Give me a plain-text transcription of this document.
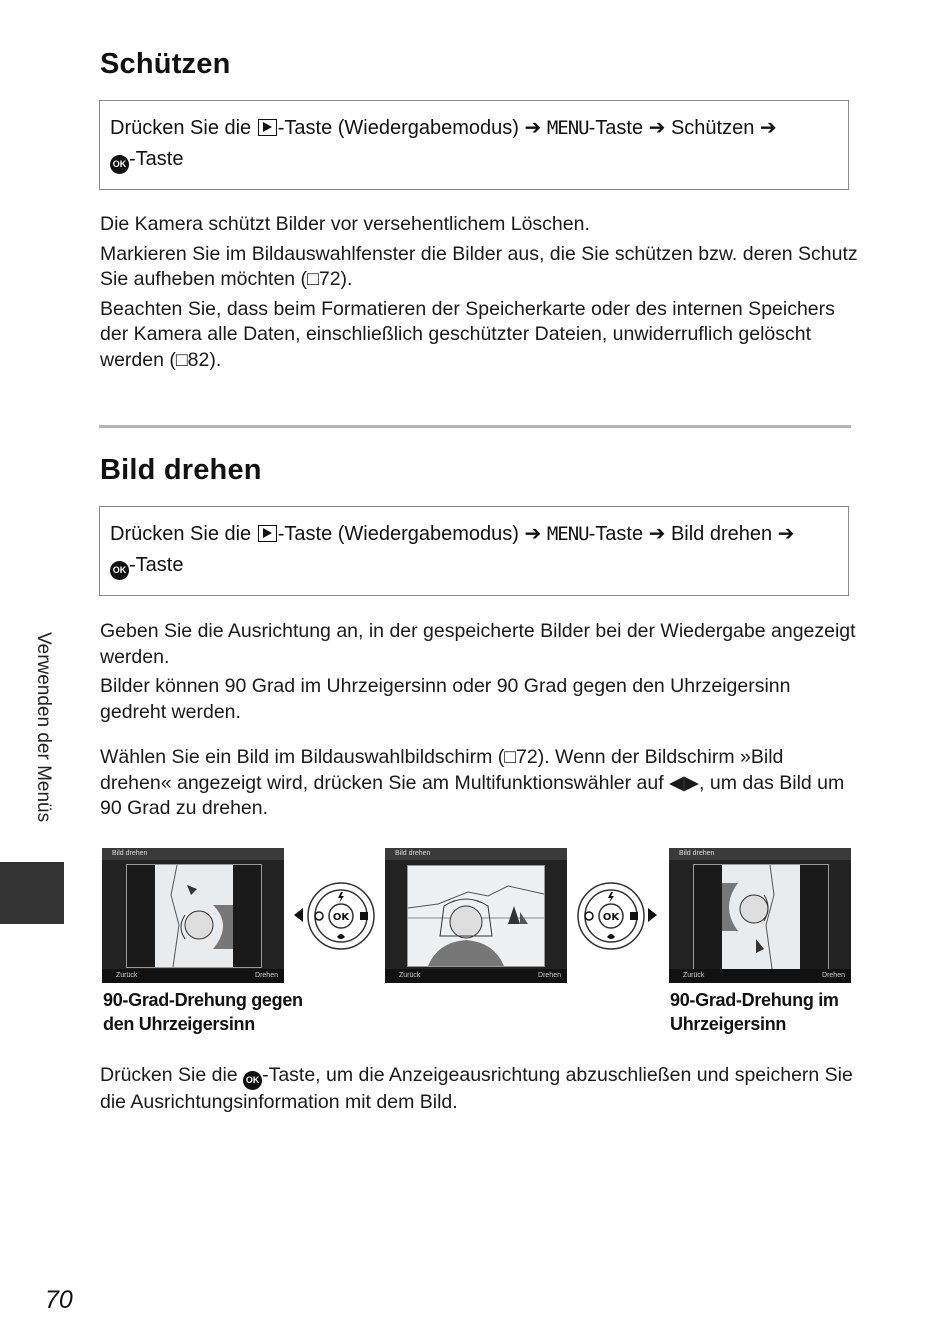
Schützen
Drücken Sie die -Taste (Wiedergabemodus) ➔ MENU-Taste ➔ Schützen ➔
OK -Taste
Die Kamera schützt Bilder vor versehentlichem Löschen.
Markieren Sie im Bildauswahlfenster die Bilder aus, die Sie schützen bzw. deren Schutz Sie aufheben möchten (□72).
Beachten Sie, dass beim Formatieren der Speicherkarte oder des internen Speichers der Kamera alle Daten, einschließlich geschützter Dateien, unwiderruflich gelöscht werden (□82).
Bild drehen
Drücken Sie die -Taste (Wiedergabemodus) ➔ MENU-Taste ➔ Bild drehen ➔
OK -Taste
Geben Sie die Ausrichtung an, in der gespeicherte Bilder bei der Wiedergabe angezeigt werden.
Bilder können 90 Grad im Uhrzeigersinn oder 90 Grad gegen den Uhrzeigersinn gedreht werden.
Wählen Sie ein Bild im Bildauswahlbildschirm (□72). Wenn der Bildschirm »Bild drehen« angezeigt wird, drücken Sie am Multifunktionswähler auf ◀▶, um das Bild um 90 Grad zu drehen.
Bild drehen
Zurück	Drehen
OK
Bild drehen
Zurück	Drehen
OK
Bild drehen
Zurück	Drehen
90-Grad-Drehung gegen den Uhrzeigersinn
90-Grad-Drehung im Uhrzeigersinn
Drücken Sie die OK -Taste, um die Anzeigeausrichtung abzuschließen und speichern Sie die Ausrichtungsinformation mit dem Bild.
Verwenden der Menüs
70
